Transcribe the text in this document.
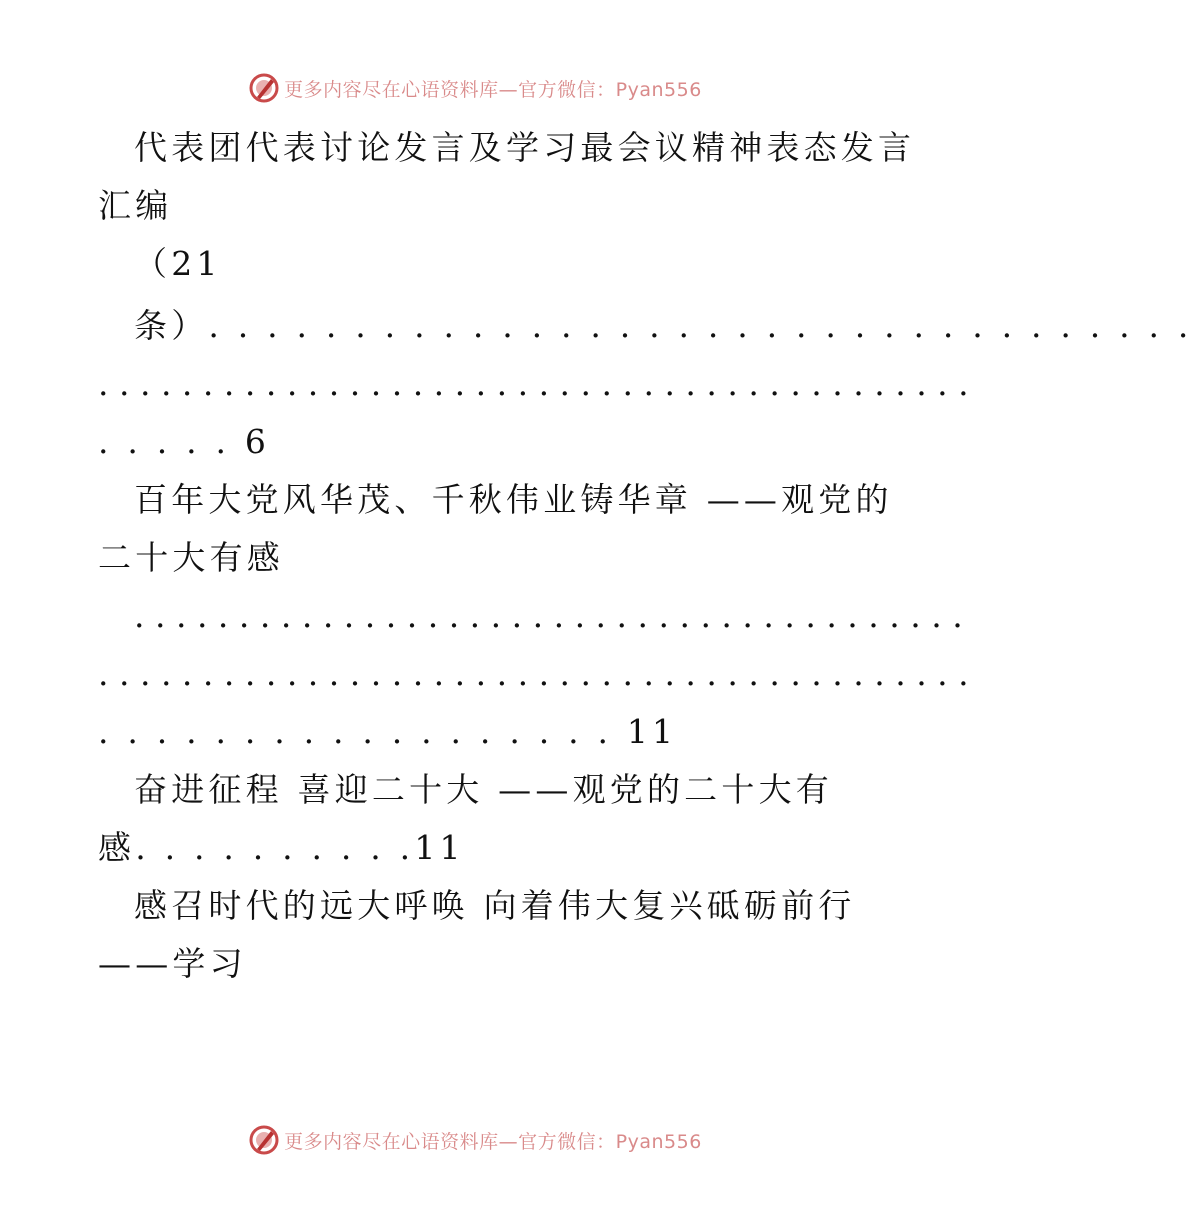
更多内容尽在心语资料库—官方微信：Pyan556
代表团代表讨论发言及学习最会议精神表态发言
汇编
（21
条）. . . . . . . . . . . . . . . . . . . . . . . . . . . . . . . . . .
. . . . . . . . . . . . . . . . . . . . . . . . . . . . . . . . . . . . . . . . . .
. . . . . 6
百年大党风华茂、千秋伟业铸华章 ——观党的
二十大有感
. . . . . . . . . . . . . . . . . . . . . . . . . . . . . . . . . . . . . . . .
. . . . . . . . . . . . . . . . . . . . . . . . . . . . . . . . . . . . . . . . . .
. . . . . . . . . . . . . . . . . . 11
奋进征程 喜迎二十大 ——观党的二十大有
感. . . . . . . . . .11
感召时代的远大呼唤 向着伟大复兴砥砺前行
——学习
更多内容尽在心语资料库—官方微信：Pyan556
